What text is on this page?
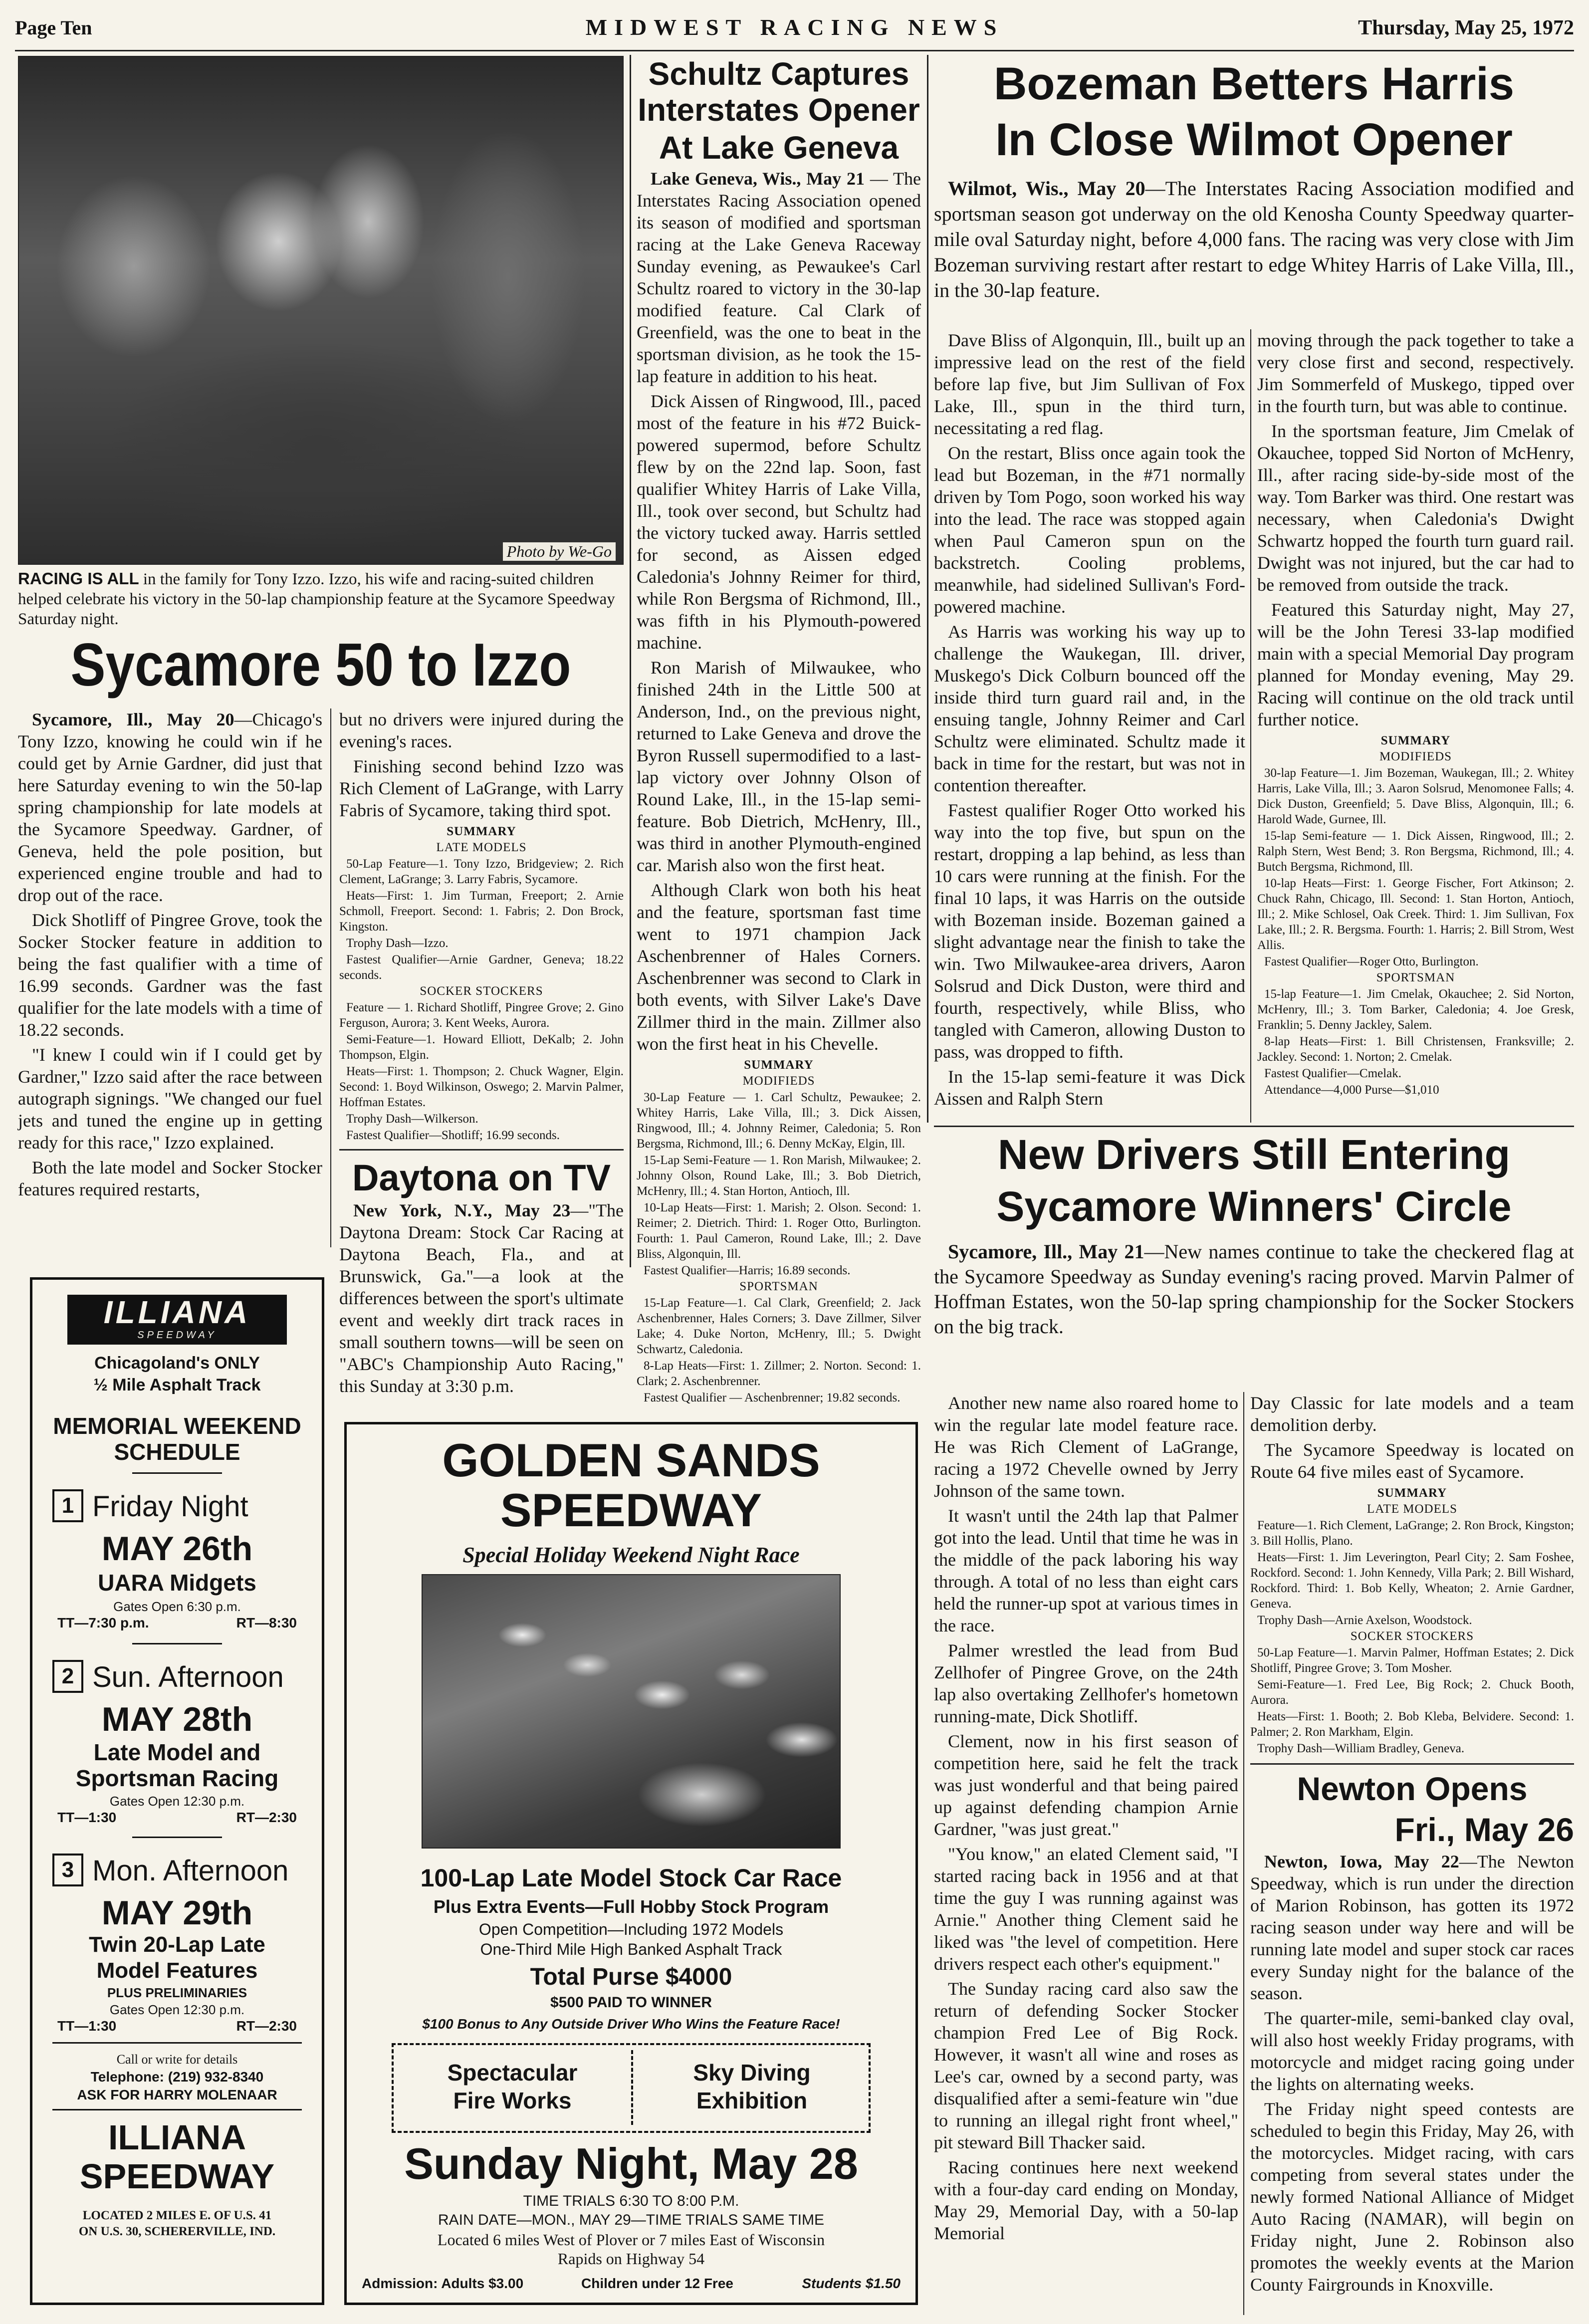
Page Ten	MIDWEST RACING NEWS	Thursday, May 25, 1972
Photo by We-Go
RACING IS ALL in the family for Tony Izzo. Izzo, his wife and racing-suited children helped celebrate his victory in the 50-lap championship feature at the Sycamore Speedway Saturday night.
Sycamore 50 to Izzo

Sycamore, Ill., May 20—Chicago's Tony Izzo, knowing he could win if he could get by Arnie Gardner, did just that here Saturday evening to win the 50-lap spring championship for late models at the Sycamore Speedway. Gardner, of Geneva, held the pole position, but experienced engine trouble and had to drop out of the race.

Dick Shotliff of Pingree Grove, took the Socker Stocker feature in addition to being the fast qualifier with a time of 16.99 seconds. Gardner was the fast qualifier for the late models with a time of 18.22 seconds.

"I knew I could win if I could get by Gardner," Izzo said after the race between autograph signings. "We changed our fuel jets and tuned the engine up in getting ready for this race," Izzo explained.

Both the late model and Socker Stocker features required restarts,

but no drivers were injured during the evening's races.

Finishing second behind Izzo was Rich Clement of LaGrange, with Larry Fabris of Sycamore, taking third spot.

SUMMARY
LATE MODELS

50-Lap Feature—1. Tony Izzo, Bridgeview; 2. Rich Clement, LaGrange; 3. Larry Fabris, Sycamore.

Heats—First: 1. Jim Turman, Freeport; 2. Arnie Schmoll, Freeport. Second: 1. Fabris; 2. Don Brock, Kingston.

Trophy Dash—Izzo.

Fastest Qualifier—Arnie Gardner, Geneva; 18.22 seconds.

SOCKER STOCKERS

Feature — 1. Richard Shotliff, Pingree Grove; 2. Gino Ferguson, Aurora; 3. Kent Weeks, Aurora.

Semi-Feature—1. Howard Elliott, DeKalb; 2. John Thompson, Elgin.

Heats—First: 1. Thompson; 2. Chuck Wagner, Elgin. Second: 1. Boyd Wilkinson, Oswego; 2. Marvin Palmer, Hoffman Estates.

Trophy Dash—Wilkerson.

Fastest Qualifier—Shotliff; 16.99 seconds.

Daytona on TV

New York, N.Y., May 23—"The Daytona Dream: Stock Car Racing at Daytona Beach, Fla., and at Brunswick, Ga."—a look at the differences between the sport's ultimate event and weekly dirt track races in small southern towns—will be seen on "ABC's Championship Auto Racing," this Sunday at 3:30 p.m.

Schultz Captures
Interstates Opener
At Lake Geneva

Lake Geneva, Wis., May 21 — The Interstates Racing Association opened its season of modified and sportsman racing at the Lake Geneva Raceway Sunday evening, as Pewaukee's Carl Schultz roared to victory in the 30-lap modified feature. Cal Clark of Greenfield, was the one to beat in the sportsman division, as he took the 15-lap feature in addition to his heat.

Dick Aissen of Ringwood, Ill., paced most of the feature in his #72 Buick-powered supermod, before Schultz flew by on the 22nd lap. Soon, fast qualifier Whitey Harris of Lake Villa, Ill., took over second, but Schultz had the victory tucked away. Harris settled for second, as Aissen edged Caledonia's Johnny Reimer for third, while Ron Bergsma of Richmond, Ill., was fifth in his Plymouth-powered machine.

Ron Marish of Milwaukee, who finished 24th in the Little 500 at Anderson, Ind., on the previous night, returned to Lake Geneva and drove the Byron Russell supermodified to a last-lap victory over Johnny Olson of Round Lake, Ill., in the 15-lap semi-feature. Bob Dietrich, McHenry, Ill., was third in another Plymouth-engined car. Marish also won the first heat.

Although Clark won both his heat and the feature, sportsman fast time went to 1971 champion Jack Aschenbrenner of Hales Corners. Aschenbrenner was second to Clark in both events, with Silver Lake's Dave Zillmer third in the main. Zillmer also won the first heat in his Chevelle.

SUMMARY
MODIFIEDS

30-Lap Feature — 1. Carl Schultz, Pewaukee; 2. Whitey Harris, Lake Villa, Ill.; 3. Dick Aissen, Ringwood, Ill.; 4. Johnny Reimer, Caledonia; 5. Ron Bergsma, Richmond, Ill.; 6. Denny McKay, Elgin, Ill.

15-Lap Semi-Feature — 1. Ron Marish, Milwaukee; 2. Johnny Olson, Round Lake, Ill.; 3. Bob Dietrich, McHenry, Ill.; 4. Stan Horton, Antioch, Ill.

10-Lap Heats—First: 1. Marish; 2. Olson. Second: 1. Reimer; 2. Dietrich. Third: 1. Roger Otto, Burlington. Fourth: 1. Paul Cameron, Round Lake, Ill.; 2. Dave Bliss, Algonquin, Ill.

Fastest Qualifier—Harris; 16.89 seconds.

SPORTSMAN

15-Lap Feature—1. Cal Clark, Greenfield; 2. Jack Aschenbrenner, Hales Corners; 3. Dave Zillmer, Silver Lake; 4. Duke Norton, McHenry, Ill.; 5. Dwight Schwartz, Caledonia.

8-Lap Heats—First: 1. Zillmer; 2. Norton. Second: 1. Clark; 2. Aschenbrenner.

Fastest Qualifier — Aschenbrenner; 19.82 seconds.

Bozeman Betters Harris
In Close Wilmot Opener

Wilmot, Wis., May 20—The Interstates Racing Association modified and sportsman season got underway on the old Kenosha County Speedway quarter-mile oval Saturday night, before 4,000 fans. The racing was very close with Jim Bozeman surviving restart after restart to edge Whitey Harris of Lake Villa, Ill., in the 30-lap feature.

Dave Bliss of Algonquin, Ill., built up an impressive lead on the rest of the field before lap five, but Jim Sullivan of Fox Lake, Ill., spun in the third turn, necessitating a red flag.

On the restart, Bliss once again took the lead but Bozeman, in the #71 normally driven by Tom Pogo, soon worked his way into the lead. The race was stopped again when Paul Cameron spun on the backstretch. Cooling problems, meanwhile, had sidelined Sullivan's Ford-powered machine.

As Harris was working his way up to challenge the Waukegan, Ill. driver, Muskego's Dick Colburn bounced off the inside third turn guard rail and, in the ensuing tangle, Johnny Reimer and Carl Schultz were eliminated. Schultz made it back in time for the restart, but was not in contention thereafter.

Fastest qualifier Roger Otto worked his way into the top five, but spun on the restart, dropping a lap behind, as less than 10 cars were running at the finish. For the final 10 laps, it was Harris on the outside with Bozeman inside. Bozeman gained a slight advantage near the finish to take the win. Two Milwaukee-area drivers, Aaron Solsrud and Dick Duston, were third and fourth, respectively, while Bliss, who tangled with Cameron, allowing Duston to pass, was dropped to fifth.

In the 15-lap semi-feature it was Dick Aissen and Ralph Stern

moving through the pack together to take a very close first and second, respectively. Jim Sommerfeld of Muskego, tipped over in the fourth turn, but was able to continue.

In the sportsman feature, Jim Cmelak of Okauchee, topped Sid Norton of McHenry, Ill., after racing side-by-side most of the way. Tom Barker was third. One restart was necessary, when Caledonia's Dwight Schwartz hopped the fourth turn guard rail. Dwight was not injured, but the car had to be removed from outside the track.

Featured this Saturday night, May 27, will be the John Teresi 33-lap modified main with a special Memorial Day program planned for Monday evening, May 29. Racing will continue on the old track until further notice.

SUMMARY
MODIFIEDS

30-lap Feature—1. Jim Bozeman, Waukegan, Ill.; 2. Whitey Harris, Lake Villa, Ill.; 3. Aaron Solsrud, Menomonee Falls; 4. Dick Duston, Greenfield; 5. Dave Bliss, Algonquin, Ill.; 6. Harold Wade, Gurnee, Ill.

15-lap Semi-feature — 1. Dick Aissen, Ringwood, Ill.; 2. Ralph Stern, West Bend; 3. Ron Bergsma, Richmond, Ill.; 4. Butch Bergsma, Richmond, Ill.

10-lap Heats—First: 1. George Fischer, Fort Atkinson; 2. Chuck Rahn, Chicago, Ill. Second: 1. Stan Horton, Antioch, Ill.; 2. Mike Schlosel, Oak Creek. Third: 1. Jim Sullivan, Fox Lake, Ill.; 2. R. Bergsma. Fourth: 1. Harris; 2. Bill Strom, West Allis.

Fastest Qualifier—Roger Otto, Burlington.

SPORTSMAN

15-lap Feature—1. Jim Cmelak, Okauchee; 2. Sid Norton, McHenry, Ill.; 3. Tom Barker, Caledonia; 4. Joe Gresk, Franklin; 5. Denny Jackley, Salem.

8-lap Heats—First: 1. Bill Christensen, Franksville; 2. Jackley. Second: 1. Norton; 2. Cmelak.

Fastest Qualifier—Cmelak.

Attendance—4,000 Purse—$1,010

New Drivers Still Entering
Sycamore Winners' Circle

Sycamore, Ill., May 21—New names continue to take the checkered flag at the Sycamore Speedway as Sunday evening's racing proved. Marvin Palmer of Hoffman Estates, won the 50-lap spring championship for the Socker Stockers on the big track.

Another new name also roared home to win the regular late model feature race. He was Rich Clement of LaGrange, racing a 1972 Chevelle owned by Jerry Johnson of the same town.

It wasn't until the 24th lap that Palmer got into the lead. Until that time he was in the middle of the pack laboring his way through. A total of no less than eight cars held the runner-up spot at various times in the race.

Palmer wrestled the lead from Bud Zellhofer of Pingree Grove, on the 24th lap also overtaking Zellhofer's hometown running-mate, Dick Shotliff.

Clement, now in his first season of competition here, said he felt the track was just wonderful and that being paired up against defending champion Arnie Gardner, "was just great."

"You know," an elated Clement said, "I started racing back in 1956 and at that time the guy I was running against was Arnie." Another thing Clement said he liked was "the level of competition. Here drivers respect each other's equipment."

The Sunday racing card also saw the return of defending Socker Stocker champion Fred Lee of Big Rock. However, it wasn't all wine and roses as Lee's car, owned by a second party, was disqualified after a semi-feature win "due to running an illegal right front wheel," pit steward Bill Thacker said.

Racing continues here next weekend with a four-day card ending on Monday, May 29, Memorial Day, with a 50-lap Memorial

Day Classic for late models and a team demolition derby.

The Sycamore Speedway is located on Route 64 five miles east of Sycamore.

SUMMARY
LATE MODELS

Feature—1. Rich Clement, LaGrange; 2. Ron Brock, Kingston; 3. Bill Hollis, Plano.

Heats—First: 1. Jim Leverington, Pearl City; 2. Sam Foshee, Rockford. Second: 1. John Kennedy, Villa Park; 2. Bill Wishard, Rockford. Third: 1. Bob Kelly, Wheaton; 2. Arnie Gardner, Geneva.

Trophy Dash—Arnie Axelson, Woodstock.

SOCKER STOCKERS

50-Lap Feature—1. Marvin Palmer, Hoffman Estates; 2. Dick Shotliff, Pingree Grove; 3. Tom Mosher.

Semi-Feature—1. Fred Lee, Big Rock; 2. Chuck Booth, Aurora.

Heats—First: 1. Booth; 2. Bob Kleba, Belvidere. Second: 1. Palmer; 2. Ron Markham, Elgin.

Trophy Dash—William Bradley, Geneva.

Newton Opens
Fri., May 26

Newton, Iowa, May 22—The Newton Speedway, which is run under the direction of Marion Robinson, has gotten its 1972 racing season under way here and will be running late model and super stock car races every Sunday night for the balance of the season.

The quarter-mile, semi-banked clay oval, will also host weekly Friday programs, with motorcycle and midget racing going under the lights on alternating weeks.

The Friday night speed contests are scheduled to begin this Friday, May 26, with the motorcycles. Midget racing, with cars competing from several states under the newly formed National Alliance of Midget Auto Racing (NAMAR), will begin on Friday night, June 2. Robinson also promotes the weekly events at the Marion County Fairgrounds in Knoxville.

ILLIANA
SPEEDWAY
Chicagoland's ONLY
½ Mile Asphalt Track
MEMORIAL WEEKEND
SCHEDULE
1 Friday Night
MAY 26th
UARA Midgets
Gates Open 6:30 p.m.
TT—7:30 p.m.	RT—8:30
2 Sun. Afternoon
MAY 28th
Late Model and
Sportsman Racing
Gates Open 12:30 p.m.
TT—1:30	RT—2:30
3 Mon. Afternoon
MAY 29th
Twin 20-Lap Late
Model Features
PLUS PRELIMINARIES
Gates Open 12:30 p.m.
TT—1:30	RT—2:30
Call or write for details
Telephone: (219) 932-8340
ASK FOR HARRY MOLENAAR
ILLIANA
SPEEDWAY
LOCATED 2 MILES E. OF U.S. 41
ON U.S. 30, SCHERERVILLE, IND.
GOLDEN SANDS
SPEEDWAY
Special Holiday Weekend Night Race
100-Lap Late Model Stock Car Race
Plus Extra Events—Full Hobby Stock Program
Open Competition—Including 1972 Models
One-Third Mile High Banked Asphalt Track
Total Purse $4000
$500 PAID TO WINNER
$100 Bonus to Any Outside Driver Who Wins the Feature Race!
Spectacular
Fire Works
Sky Diving
Exhibition
Sunday Night, May 28
TIME TRIALS 6:30 TO 8:00 P.M.
RAIN DATE—MON., MAY 29—TIME TRIALS SAME TIME
Located 6 miles West of Plover or 7 miles East of Wisconsin
Rapids on Highway 54
Admission: Adults $3.00	Children under 12 Free	Students $1.50
